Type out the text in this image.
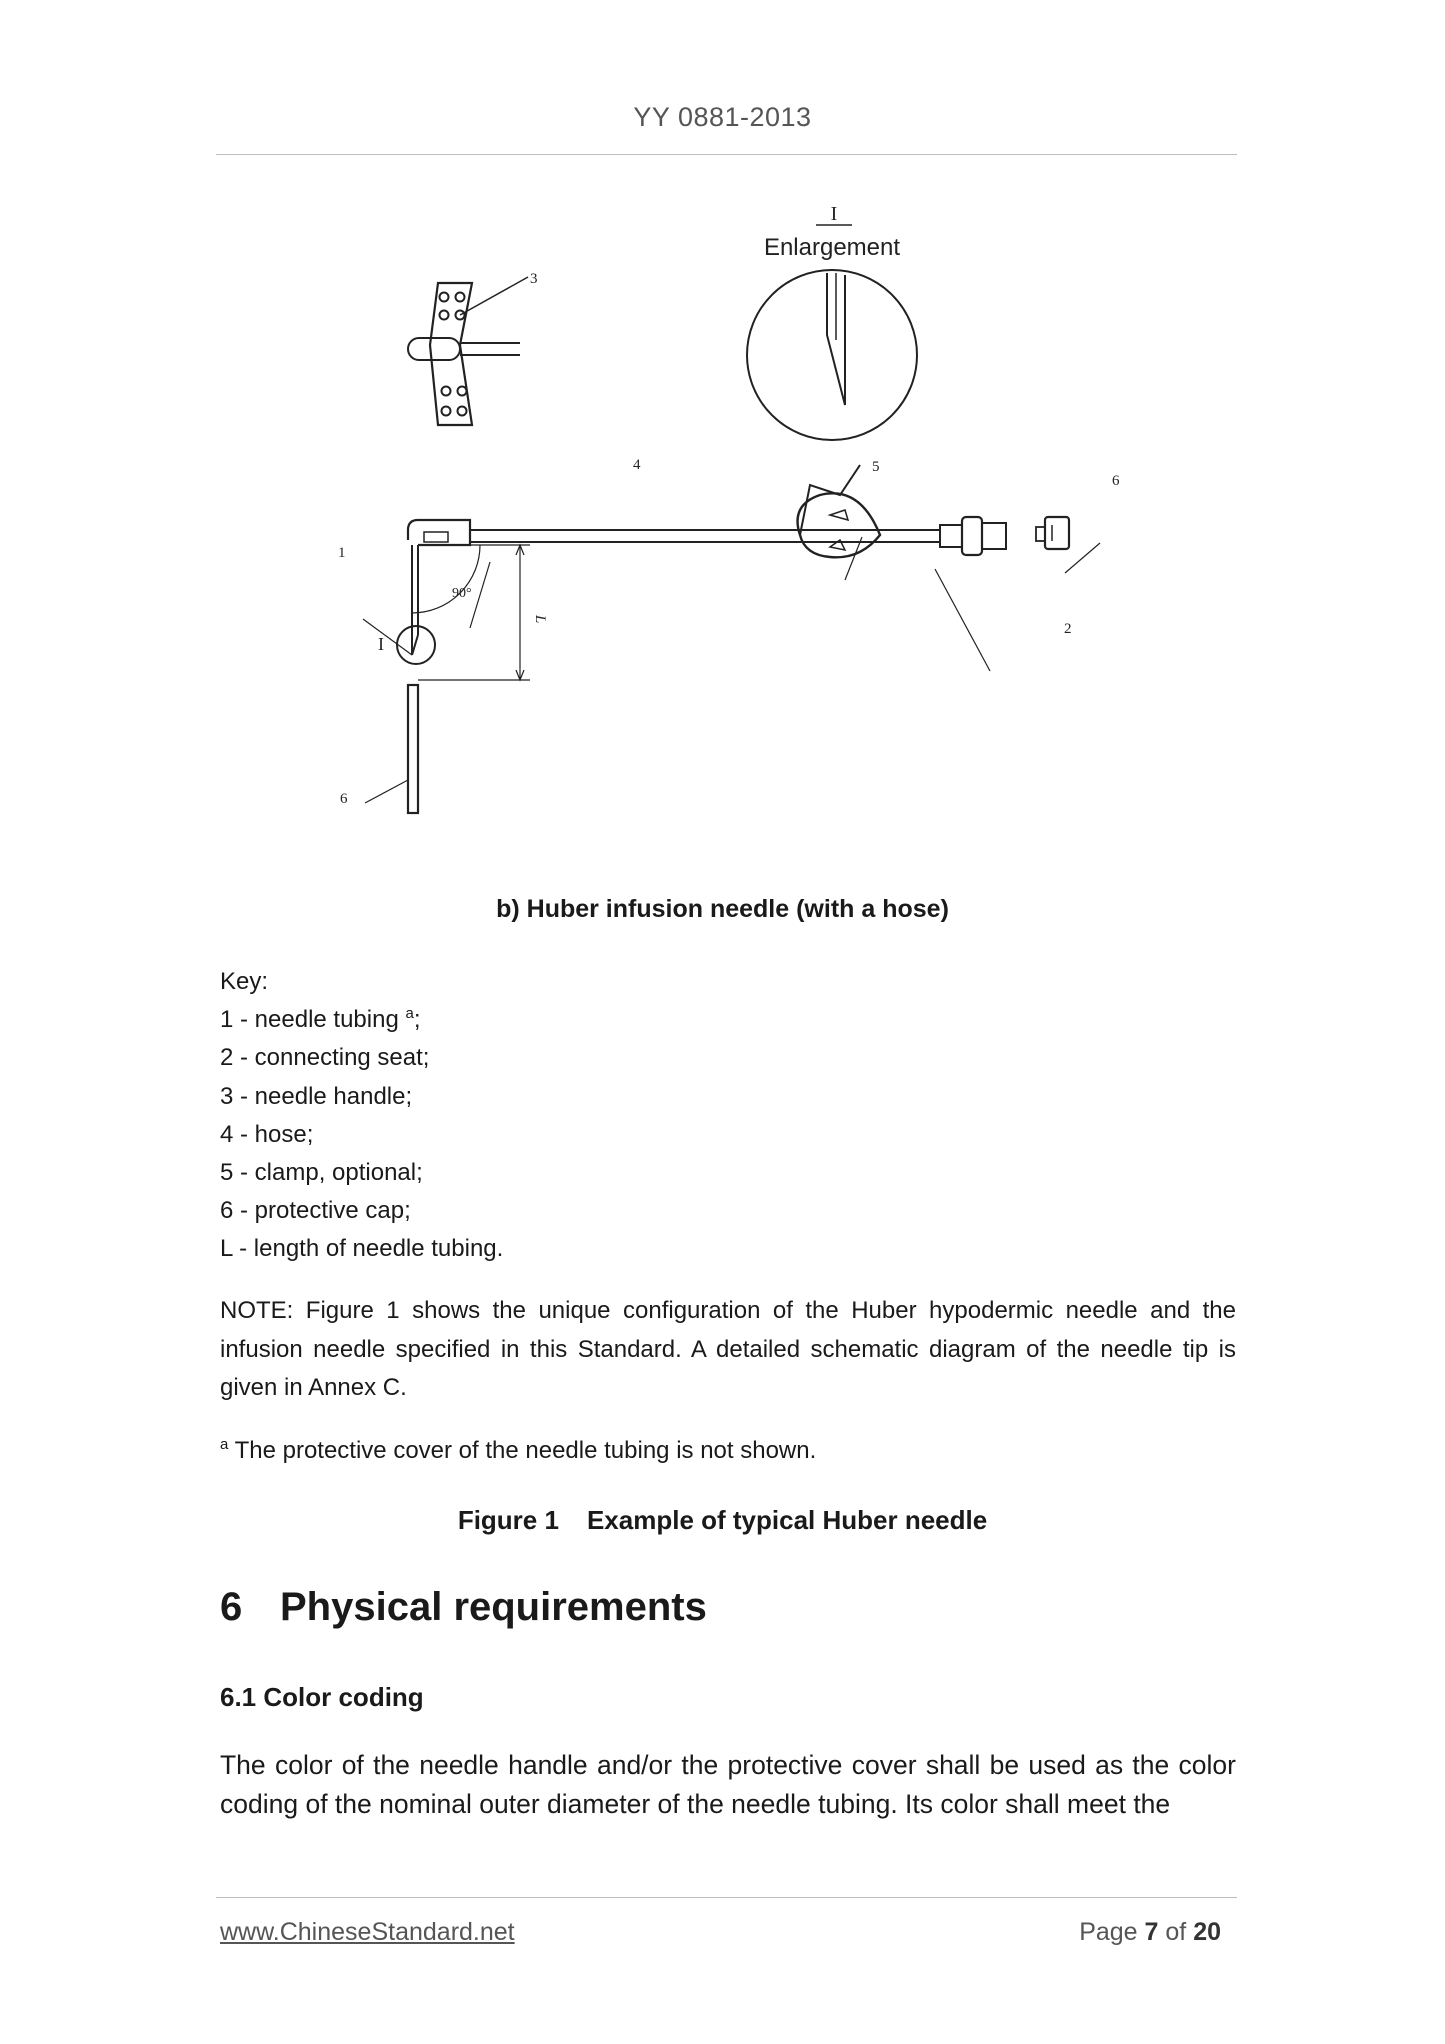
YY 0881-2013
I
Enlargement
3
4	5
6
1
2
90°
L
I
6
b) Huber infusion needle (with a hose)
Key:
1 - needle tubing $^a$;
2 - connecting seat;
3 - needle handle;
4 - hose;
5 - clamp, optional;
6 - protective cap;
L - length of needle tubing.
NOTE: Figure 1 shows the unique configuration of the Huber hypodermic needle and the infusion needle specified in this Standard. A detailed schematic diagram of the needle tip is given in Annex C.
$^a$ The protective cover of the needle tubing is not shown.
Figure 1 Example of typical Huber needle
6 Physical requirements
6.1 Color coding
The color of the needle handle and/or the protective cover shall be used as the color coding of the nominal outer diameter of the needle tubing. Its color shall meet the
www.ChineseStandard.net	Page 7 of 20
